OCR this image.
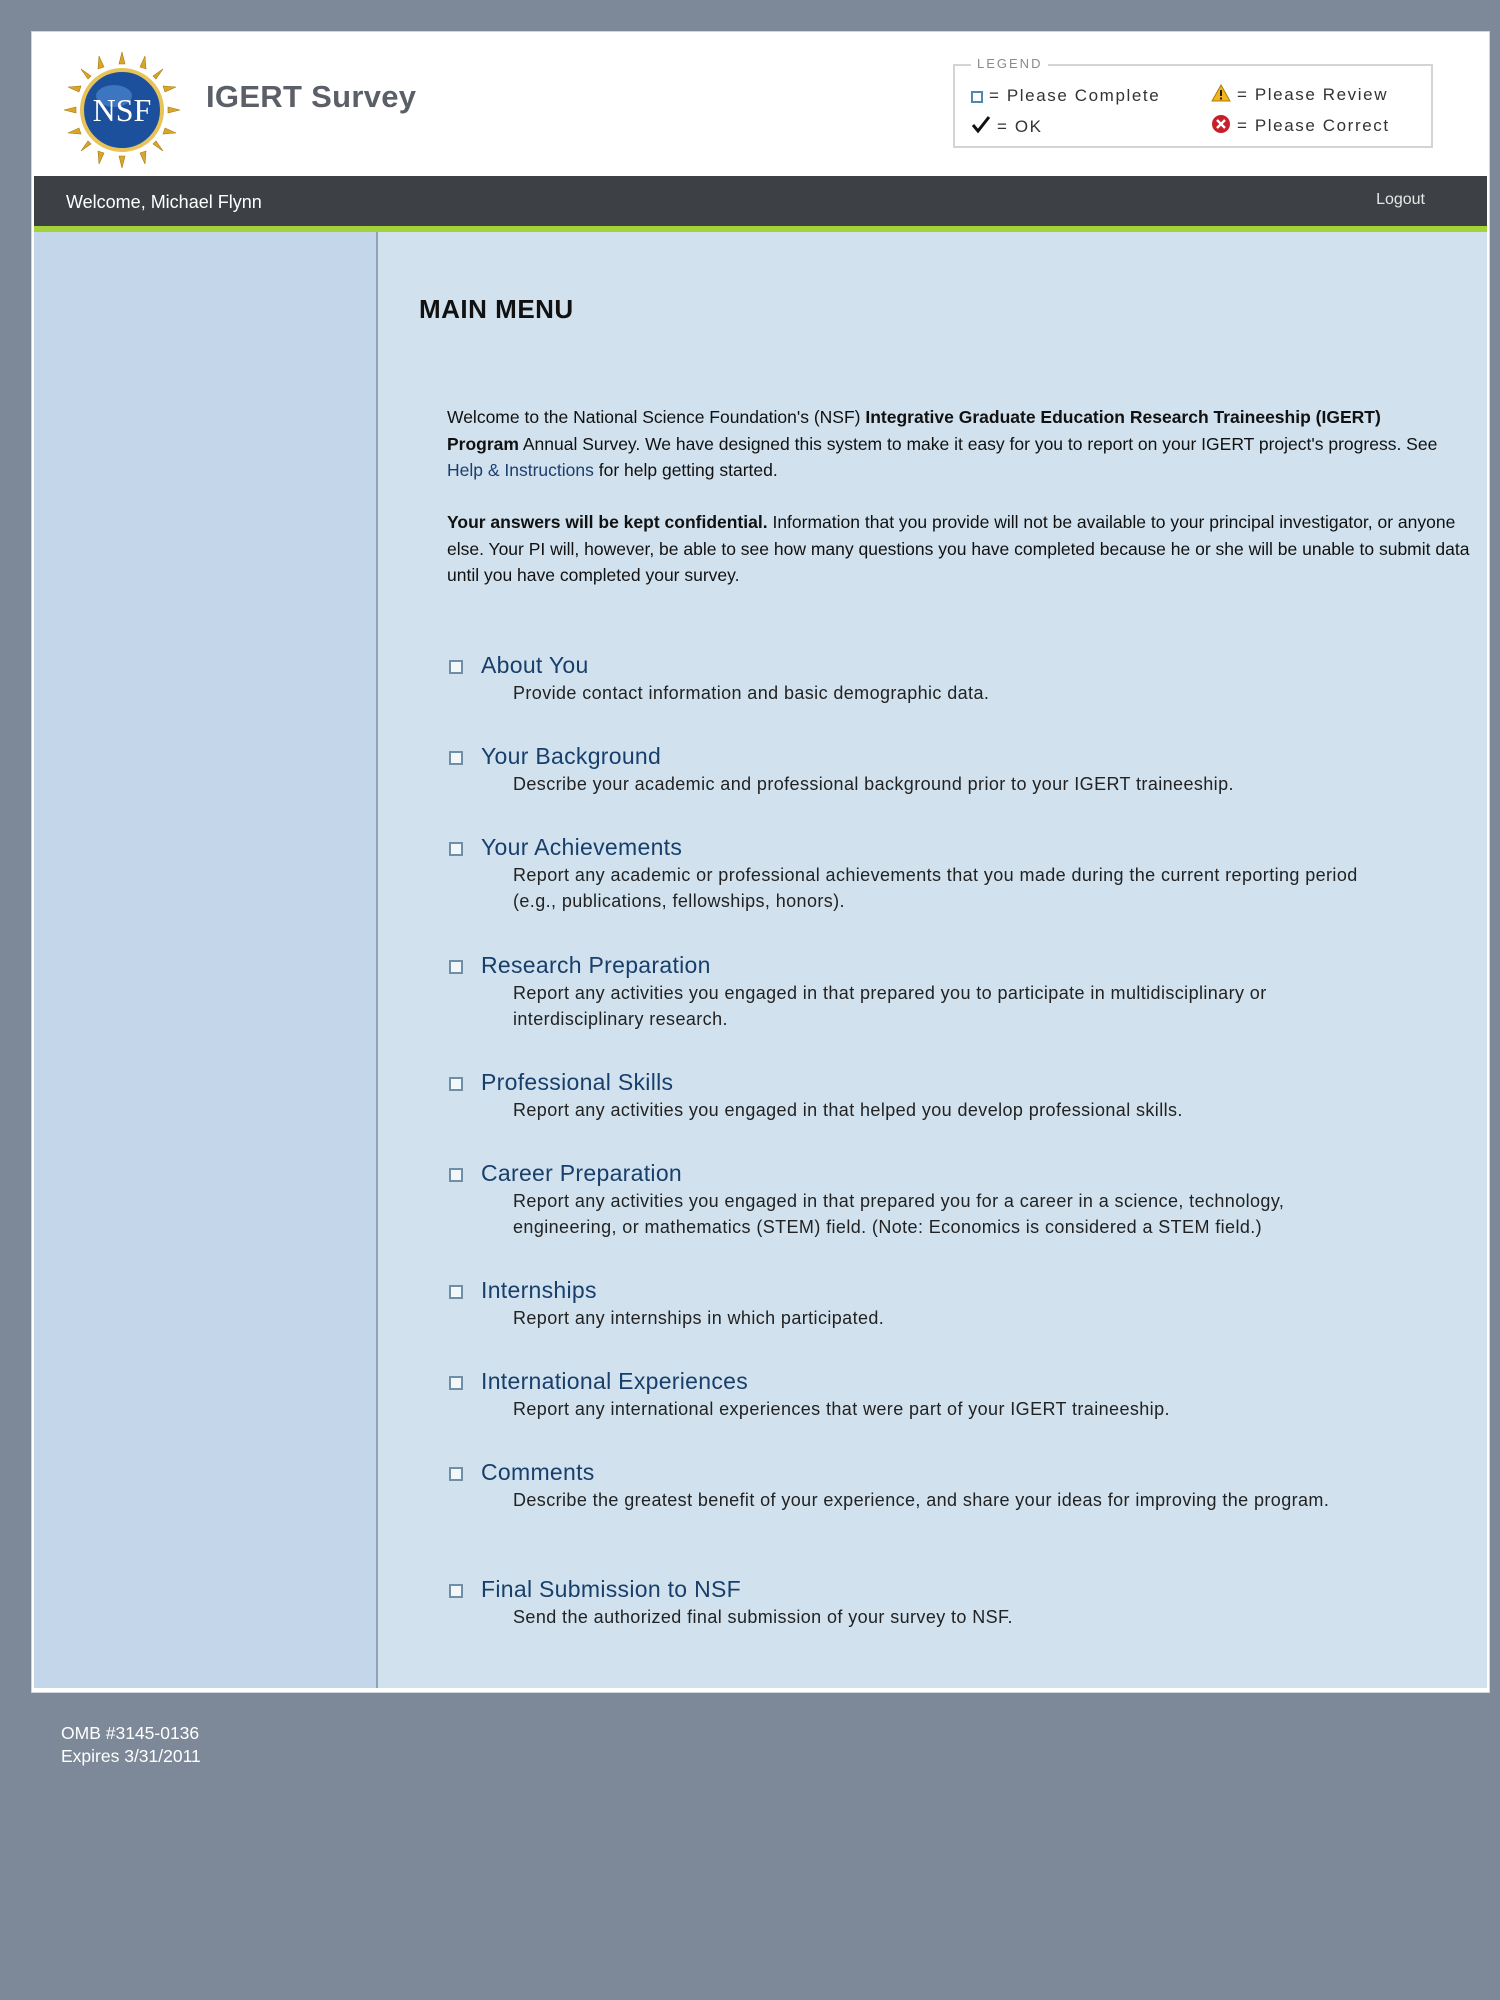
NSF IGERT Survey
LEGEND
= Please Complete
= OK
= Please Review
= Please Correct
Welcome, Michael Flynn	Logout
MAIN MENU
Welcome to the National Science Foundation's (NSF) Integrative Graduate Education Research Traineeship (IGERT) Program Annual Survey. We have designed this system to make it easy for you to report on your IGERT project's progress. See Help & Instructions for help getting started.
Your answers will be kept confidential. Information that you provide will not be available to your principal investigator, or anyone else. Your PI will, however, be able to see how many questions you have completed because he or she will be unable to submit data until you have completed your survey.
About You
Provide contact information and basic demographic data.
Your Background
Describe your academic and professional background prior to your IGERT traineeship.
Your Achievements
Report any academic or professional achievements that you made during the current reporting period (e.g., publications, fellowships, honors).
Research Preparation
Report any activities you engaged in that prepared you to participate in multidisciplinary or interdisciplinary research.
Professional Skills
Report any activities you engaged in that helped you develop professional skills.
Career Preparation
Report any activities you engaged in that prepared you for a career in a science, technology, engineering, or mathematics (STEM) field. (Note: Economics is considered a STEM field.)
Internships
Report any internships in which participated.
International Experiences
Report any international experiences that were part of your IGERT traineeship.
Comments
Describe the greatest benefit of your experience, and share your ideas for improving the program.
Final Submission to NSF
Send the authorized final submission of your survey to NSF.
OMB #3145-0136
Expires 3/31/2011
